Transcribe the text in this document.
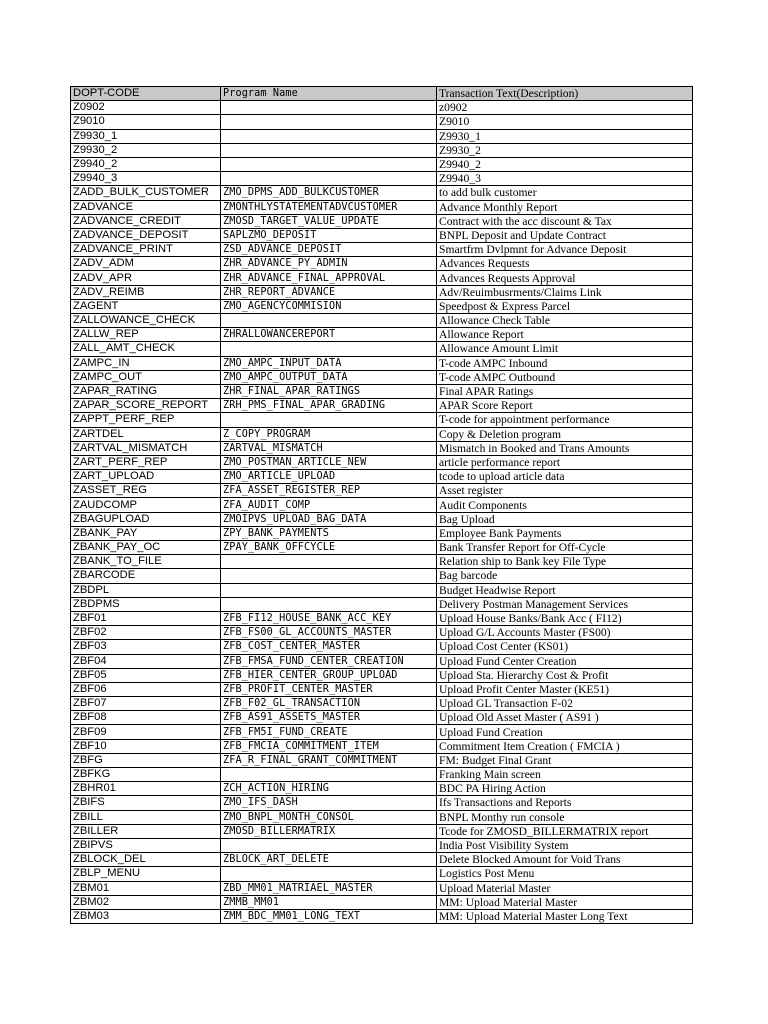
DOPT-CODE	Program Name	Transaction Text(Description)
Z0902		z0902
Z9010		Z9010
Z9930_1		Z9930_1
Z9930_2		Z9930_2
Z9940_2		Z9940_2
Z9940_3		Z9940_3
ZADD_BULK_CUSTOMER	ZMO_DPMS_ADD_BULKCUSTOMER	to add bulk customer
ZADVANCE	ZMONTHLYSTATEMENTADVCUSTOMER	Advance Monthly Report
ZADVANCE_CREDIT	ZMOSD_TARGET_VALUE_UPDATE	Contract with the acc discount & Tax
ZADVANCE_DEPOSIT	SAPLZMO_DEPOSIT	BNPL Deposit and Update Contract
ZADVANCE_PRINT	ZSD_ADVANCE_DEPOSIT	Smartfrm Dvlpmnt for Advance Deposit
ZADV_ADM	ZHR_ADVANCE_PY_ADMIN	Advances Requests
ZADV_APR	ZHR_ADVANCE_FINAL_APPROVAL	Advances Requests Approval
ZADV_REIMB	ZHR_REPORT_ADVANCE	Adv/Reuimbusrments/Claims Link
ZAGENT	ZMO_AGENCYCOMMISION	Speedpost & Express Parcel
ZALLOWANCE_CHECK		Allowance Check Table
ZALLW_REP	ZHRALLOWANCEREPORT	Allowance Report
ZALL_AMT_CHECK		Allowance Amount Limit
ZAMPC_IN	ZMO_AMPC_INPUT_DATA	T-code AMPC Inbound
ZAMPC_OUT	ZMO_AMPC_OUTPUT_DATA	T-code AMPC Outbound
ZAPAR_RATING	ZHR_FINAL_APAR_RATINGS	Final APAR Ratings
ZAPAR_SCORE_REPORT	ZRH_PMS_FINAL_APAR_GRADING	APAR Score Report
ZAPPT_PERF_REP		T-code for appointment performance
ZARTDEL	Z_COPY_PROGRAM	Copy & Deletion program
ZARTVAL_MISMATCH	ZARTVAL_MISMATCH	Mismatch in Booked and Trans Amounts
ZART_PERF_REP	ZMO_POSTMAN_ARTICLE_NEW	article performance report
ZART_UPLOAD	ZMO_ARTICLE_UPLOAD	tcode to upload article data
ZASSET_REG	ZFA_ASSET_REGISTER_REP	Asset register
ZAUDCOMP	ZFA_AUDIT_COMP	Audit Components
ZBAGUPLOAD	ZMOIPVS_UPLOAD_BAG_DATA	Bag Upload
ZBANK_PAY	ZPY_BANK_PAYMENTS	Employee Bank Payments
ZBANK_PAY_OC	ZPAY_BANK_OFFCYCLE	Bank Transfer Report for Off-Cycle
ZBANK_TO_FILE		Relation ship to Bank key File Type
ZBARCODE		Bag barcode
ZBDPL		Budget Headwise Report
ZBDPMS		Delivery Postman Management Services
ZBF01	ZFB_FI12_HOUSE_BANK_ACC_KEY	Upload House Banks/Bank Acc ( FI12)
ZBF02	ZFB_FS00_GL_ACCOUNTS_MASTER	Upload G/L Accounts Master (FS00)
ZBF03	ZFB_COST_CENTER_MASTER	Upload Cost Center (KS01)
ZBF04	ZFB_FMSA_FUND_CENTER_CREATION	Upload Fund Center Creation
ZBF05	ZFB_HIER_CENTER_GROUP_UPLOAD	Upload Sta. Hierarchy Cost & Profit
ZBF06	ZFB_PROFIT_CENTER_MASTER	Upload Profit Center Master (KE51)
ZBF07	ZFB_F02_GL_TRANSACTION	Upload GL Transaction F-02
ZBF08	ZFB_AS91_ASSETS_MASTER	Upload Old Asset Master ( AS91 )
ZBF09	ZFB_FM5I_FUND_CREATE	Upload Fund Creation
ZBF10	ZFB_FMCIA_COMMITMENT_ITEM	Commitment Item Creation ( FMCIA )
ZBFG	ZFA_R_FINAL_GRANT_COMMITMENT	FM: Budget Final Grant
ZBFKG		Franking Main screen
ZBHR01	ZCH_ACTION_HIRING	BDC PA Hiring Action
ZBIFS	ZMO_IFS_DASH	Ifs Transactions and Reports
ZBILL	ZMO_BNPL_MONTH_CONSOL	BNPL Monthy run console
ZBILLER	ZMOSD_BILLERMATRIX	Tcode for ZMOSD_BILLERMATRIX report
ZBIPVS		India Post Visibility System
ZBLOCK_DEL	ZBLOCK_ART_DELETE	Delete Blocked Amount for Void Trans
ZBLP_MENU		Logistics Post Menu
ZBM01	ZBD_MM01_MATRIAEL_MASTER	Upload Material Master
ZBM02	ZMMB_MM01	MM: Upload Material Master
ZBM03	ZMM_BDC_MM01_LONG_TEXT	MM: Upload Material Master Long Text
